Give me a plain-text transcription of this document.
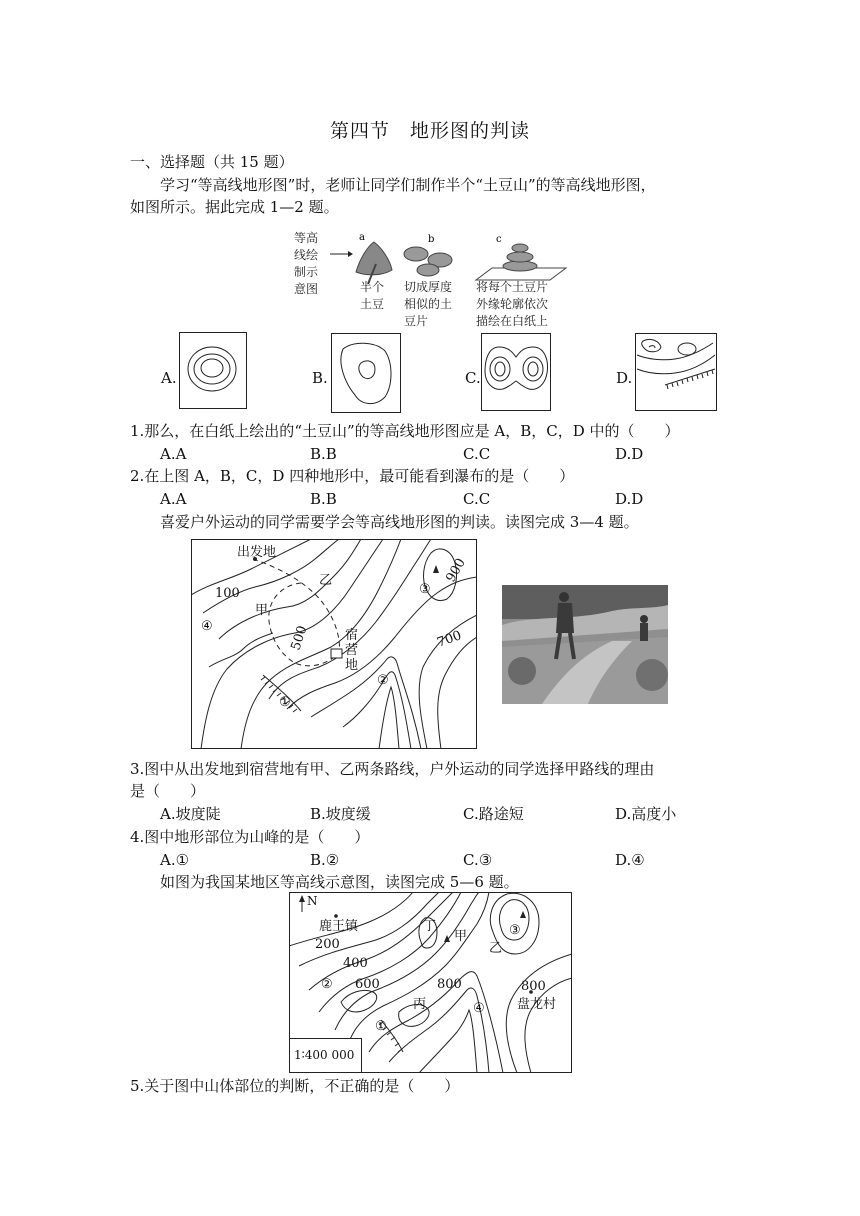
第四节　地形图的判读
一、选择题（共 15 题）
学习“等高线地形图”时，老师让同学们制作半个“土豆山”的等高线地形图，
如图所示。据此完成 1—2 题。
等高
线绘
制示
意图
a
半个
土豆
b
切成厚度
相似的土
豆片
c
将每个土豆片
外缘轮廓依次
描绘在白纸上
A.	B.	C.	D.
1.那么，在白纸上绘出的“土豆山”的等高线地形图应是 A，B，C，D 中的（　　）
A.A	B.B	C.C	D.D
2.在上图 A，B，C，D 四种地形中，最可能看到瀑布的是（　　）
A.A	B.B	C.C	D.D
喜爱户外运动的同学需要学会等高线地形图的判读。读图完成 3—4 题。
出发地
甲
乙
宿
营
地
100
500	700
900
①
②
③
④
3.图中从出发地到宿营地有甲、乙两条路线，户外运动的同学选择甲路线的理由
是（　　）
A.坡度陡	B.坡度缓	C.路途短	D.高度小
4.图中地形部位为山峰的是（　　）
A.①	B.②	C.③	D.④
如图为我国某地区等高线示意图，读图完成 5—6 题。
N
鹿王镇
200
400
600	800	800
盘龙村
甲
乙
丙
丁
①
②
③
④
1∶400 000
5.关于图中山体部位的判断，不正确的是（　　）
